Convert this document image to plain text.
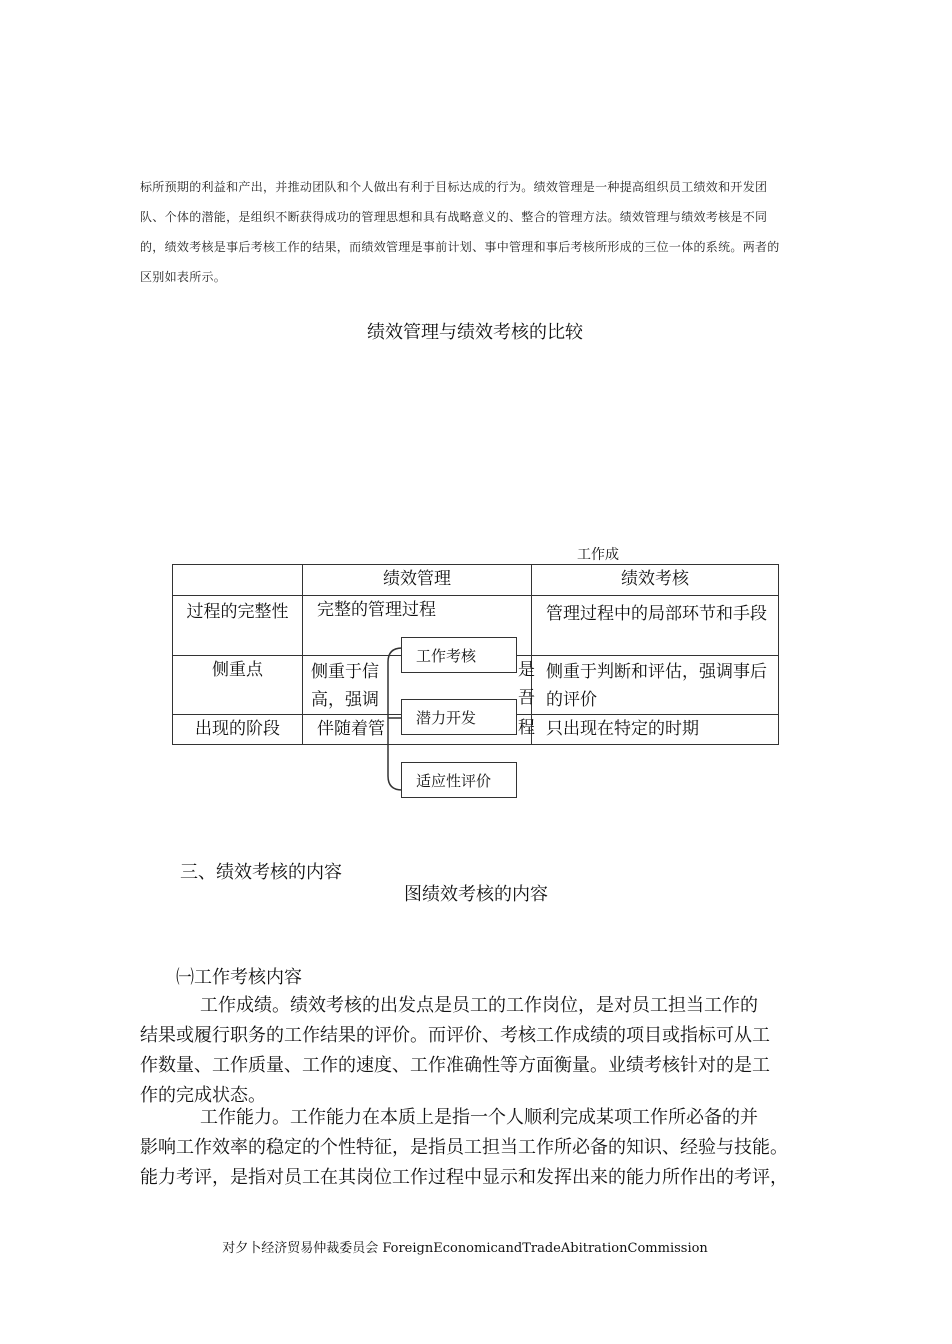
标所预期的利益和产出，并推动团队和个人做出有利于目标达成的行为。绩效管理是一种提高组织员工绩效和开发团

队、个体的潜能，是组织不断获得成功的管理思想和具有战略意义的、整合的管理方法。绩效管理与绩效考核是不同

的，绩效考核是事后考核工作的结果，而绩效管理是事前计划、事中管理和事后考核所形成的三位一体的系统。两者的

区别如表所示。

绩效管理与绩效考核的比较
工作成
	绩效管理	绩效考核
过程的完整性	完整的管理过程	管理过程中的局部环节和手段
侧重点	侧重于信高，强调	侧重于判断和评估，强调事后的评价
出现的阶段	伴随着管	只出现在特定的时期
是
吾
程
工作考核
潜力开发
适应性评价
三、绩效考核的内容
图绩效考核的内容
㈠工作考核内容

工作成绩。绩效考核的出发点是员工的工作岗位，是对员工担当工作的

结果或履行职务的工作结果的评价。而评价、考核工作成绩的项目或指标可从工

作数量、工作质量、工作的速度、工作准确性等方面衡量。业绩考核针对的是工

作的完成状态。

工作能力。工作能力在本质上是指一个人顺利完成某项工作所必备的并

影响工作效率的稳定的个性特征，是指员工担当工作所必备的知识、经验与技能。

能力考评，是指对员工在其岗位工作过程中显示和发挥出来的能力所作出的考评，

对夕卜经济贸易仲裁委员会 ForeignEconomicandTradeAbitrationCommission
